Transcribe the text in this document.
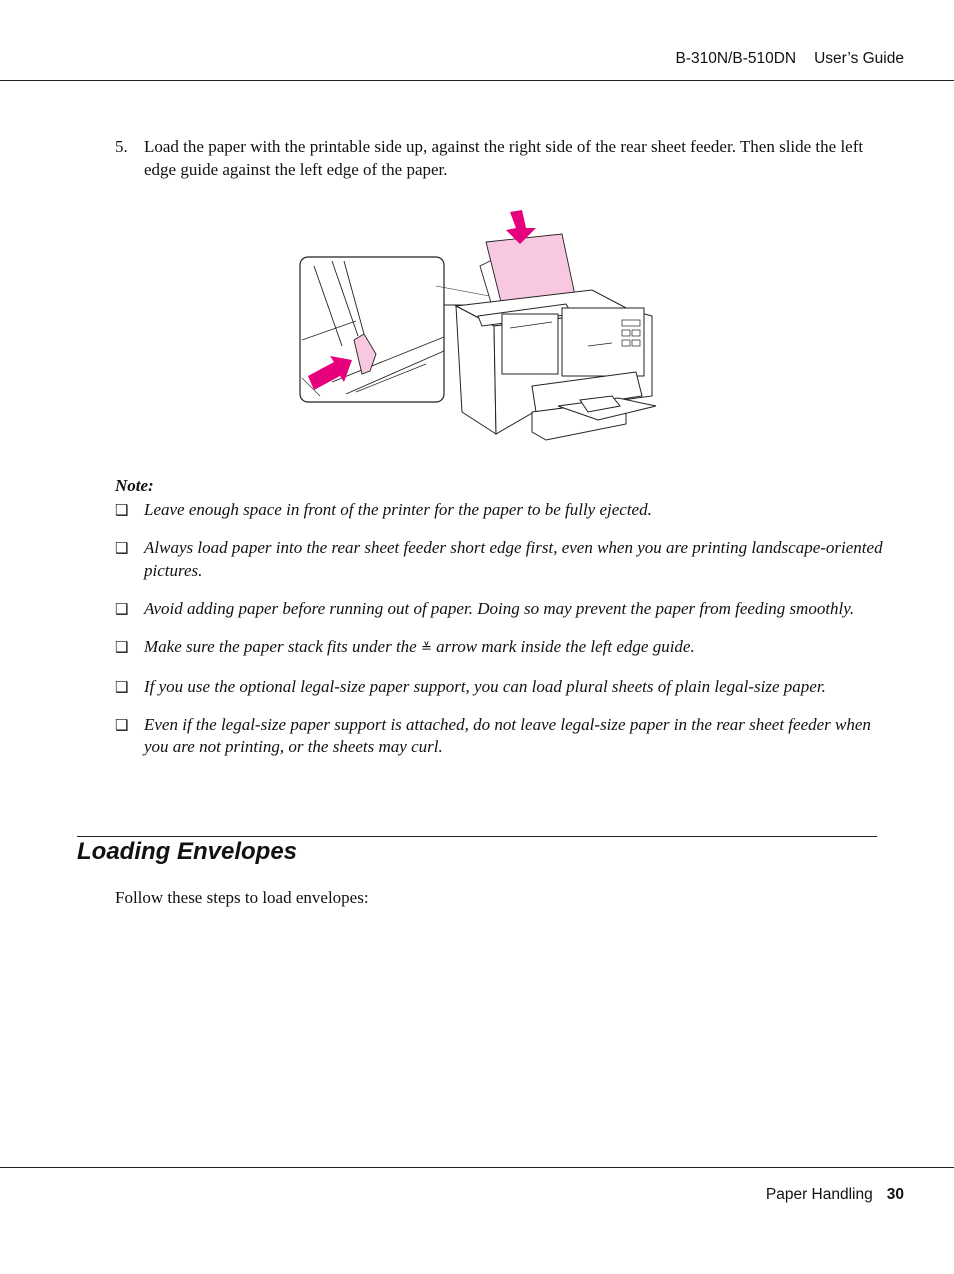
B-310N/B-510DN User’s Guide
5. Load the paper with the printable side up, against the right side of the rear sheet feeder. Then slide the left edge guide against the left edge of the paper.
Note:
❑ Leave enough space in front of the printer for the paper to be fully ejected.
❑ Always load paper into the rear sheet feeder short edge first, even when you are printing landscape-oriented pictures.
❑ Avoid adding paper before running out of paper. Doing so may prevent the paper from feeding smoothly.
❑ Make sure the paper stack fits under the ≚ arrow mark inside the left edge guide.
❑ If you use the optional legal-size paper support, you can load plural sheets of plain legal-size paper.
❑ Even if the legal-size paper support is attached, do not leave legal-size paper in the rear sheet feeder when you are not printing, or the sheets may curl.
Loading Envelopes
Follow these steps to load envelopes:
Paper Handling 30
